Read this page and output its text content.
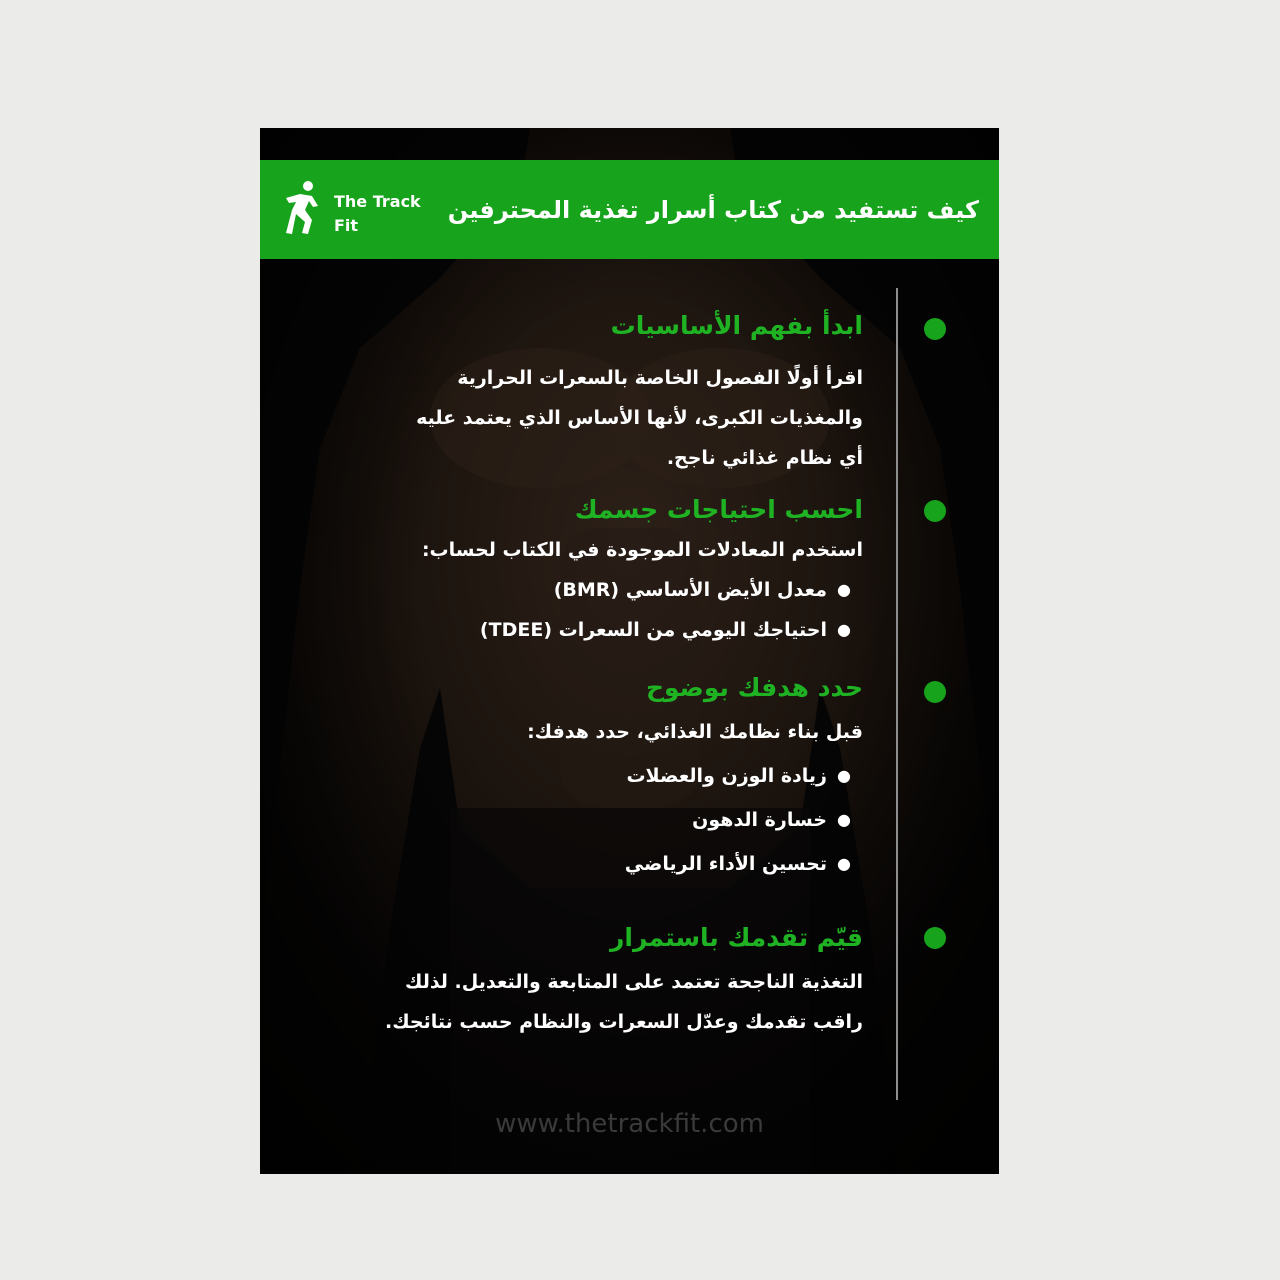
The Track Fit
كيف تستفيد من كتاب أسرار تغذية المحترفين
ابدأ بفهم الأساسيات

اقرأ أولًا الفصول الخاصة بالسعرات الحرارية

والمغذيات الكبرى، لأنها الأساس الذي يعتمد عليه

أي نظام غذائي ناجح.

احسب احتياجات جسمك

استخدم المعادلات الموجودة في الكتاب لحساب:

●
معدل الأيض الأساسي (BMR)
●
احتياجك اليومي من السعرات (TDEE)
حدد هدفك بوضوح

قبل بناء نظامك الغذائي، حدد هدفك:

●
زيادة الوزن والعضلات
●
خسارة الدهون
●
تحسين الأداء الرياضي
قيّم تقدمك باستمرار

التغذية الناجحة تعتمد على المتابعة والتعديل. لذلك

راقب تقدمك وعدّل السعرات والنظام حسب نتائجك.

www.thetrackfit.com
